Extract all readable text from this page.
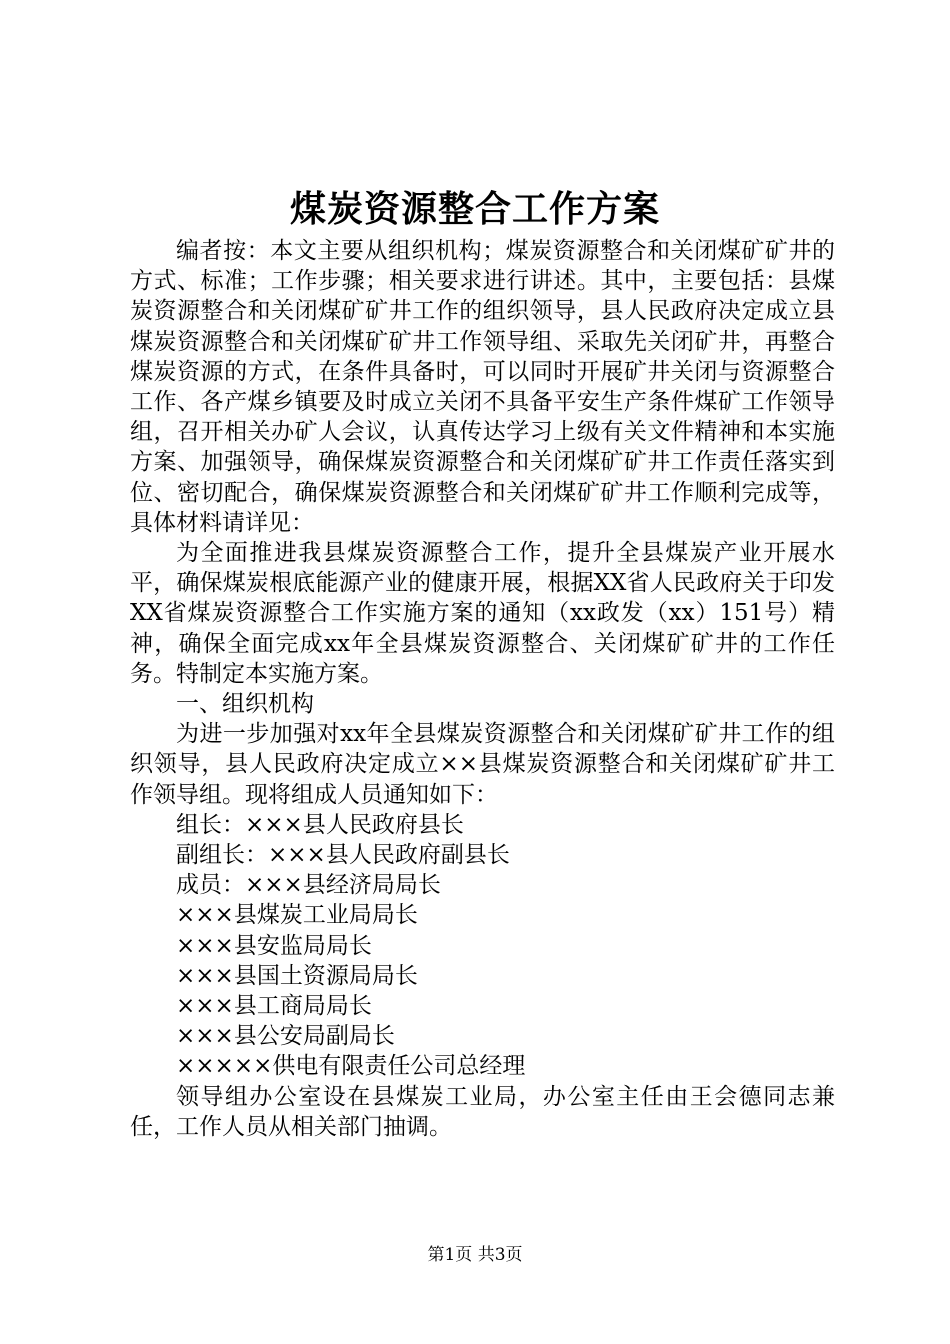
煤炭资源整合工作方案

编者按：本文主要从组织机构；煤炭资源整合和关闭煤矿矿井的方式、标准；工作步骤；相关要求进行讲述。其中，主要包括：县煤炭资源整合和关闭煤矿矿井工作的组织领导，县人民政府决定成立县煤炭资源整合和关闭煤矿矿井工作领导组、采取先关闭矿井，再整合煤炭资源的方式，在条件具备时，可以同时开展矿井关闭与资源整合工作、各产煤乡镇要及时成立关闭不具备平安生产条件煤矿工作领导组，召开相关办矿人会议，认真传达学习上级有关文件精神和本实施方案、加强领导，确保煤炭资源整合和关闭煤矿矿井工作责任落实到位、密切配合，确保煤炭资源整合和关闭煤矿矿井工作顺利完成等，具体材料请详见：

为全面推进我县煤炭资源整合工作，提升全县煤炭产业开展水平，确保煤炭根底能源产业的健康开展，根据XX省人民政府关于印发XX省煤炭资源整合工作实施方案的通知（xx政发（xx）151号）精神，确保全面完成xx年全县煤炭资源整合、关闭煤矿矿井的工作任务。特制定本实施方案。

一、组织机构

为进一步加强对xx年全县煤炭资源整合和关闭煤矿矿井工作的组织领导，县人民政府决定成立××县煤炭资源整合和关闭煤矿矿井工作领导组。现将组成人员通知如下：

组长：×××县人民政府县长

副组长：×××县人民政府副县长

成员：×××县经济局局长

×××县煤炭工业局局长

×××县安监局局长

×××县国土资源局局长

×××县工商局局长

×××县公安局副局长

×××××供电有限责任公司总经理

领导组办公室设在县煤炭工业局，办公室主任由王会德同志兼任，工作人员从相关部门抽调。

第1页 共3页
